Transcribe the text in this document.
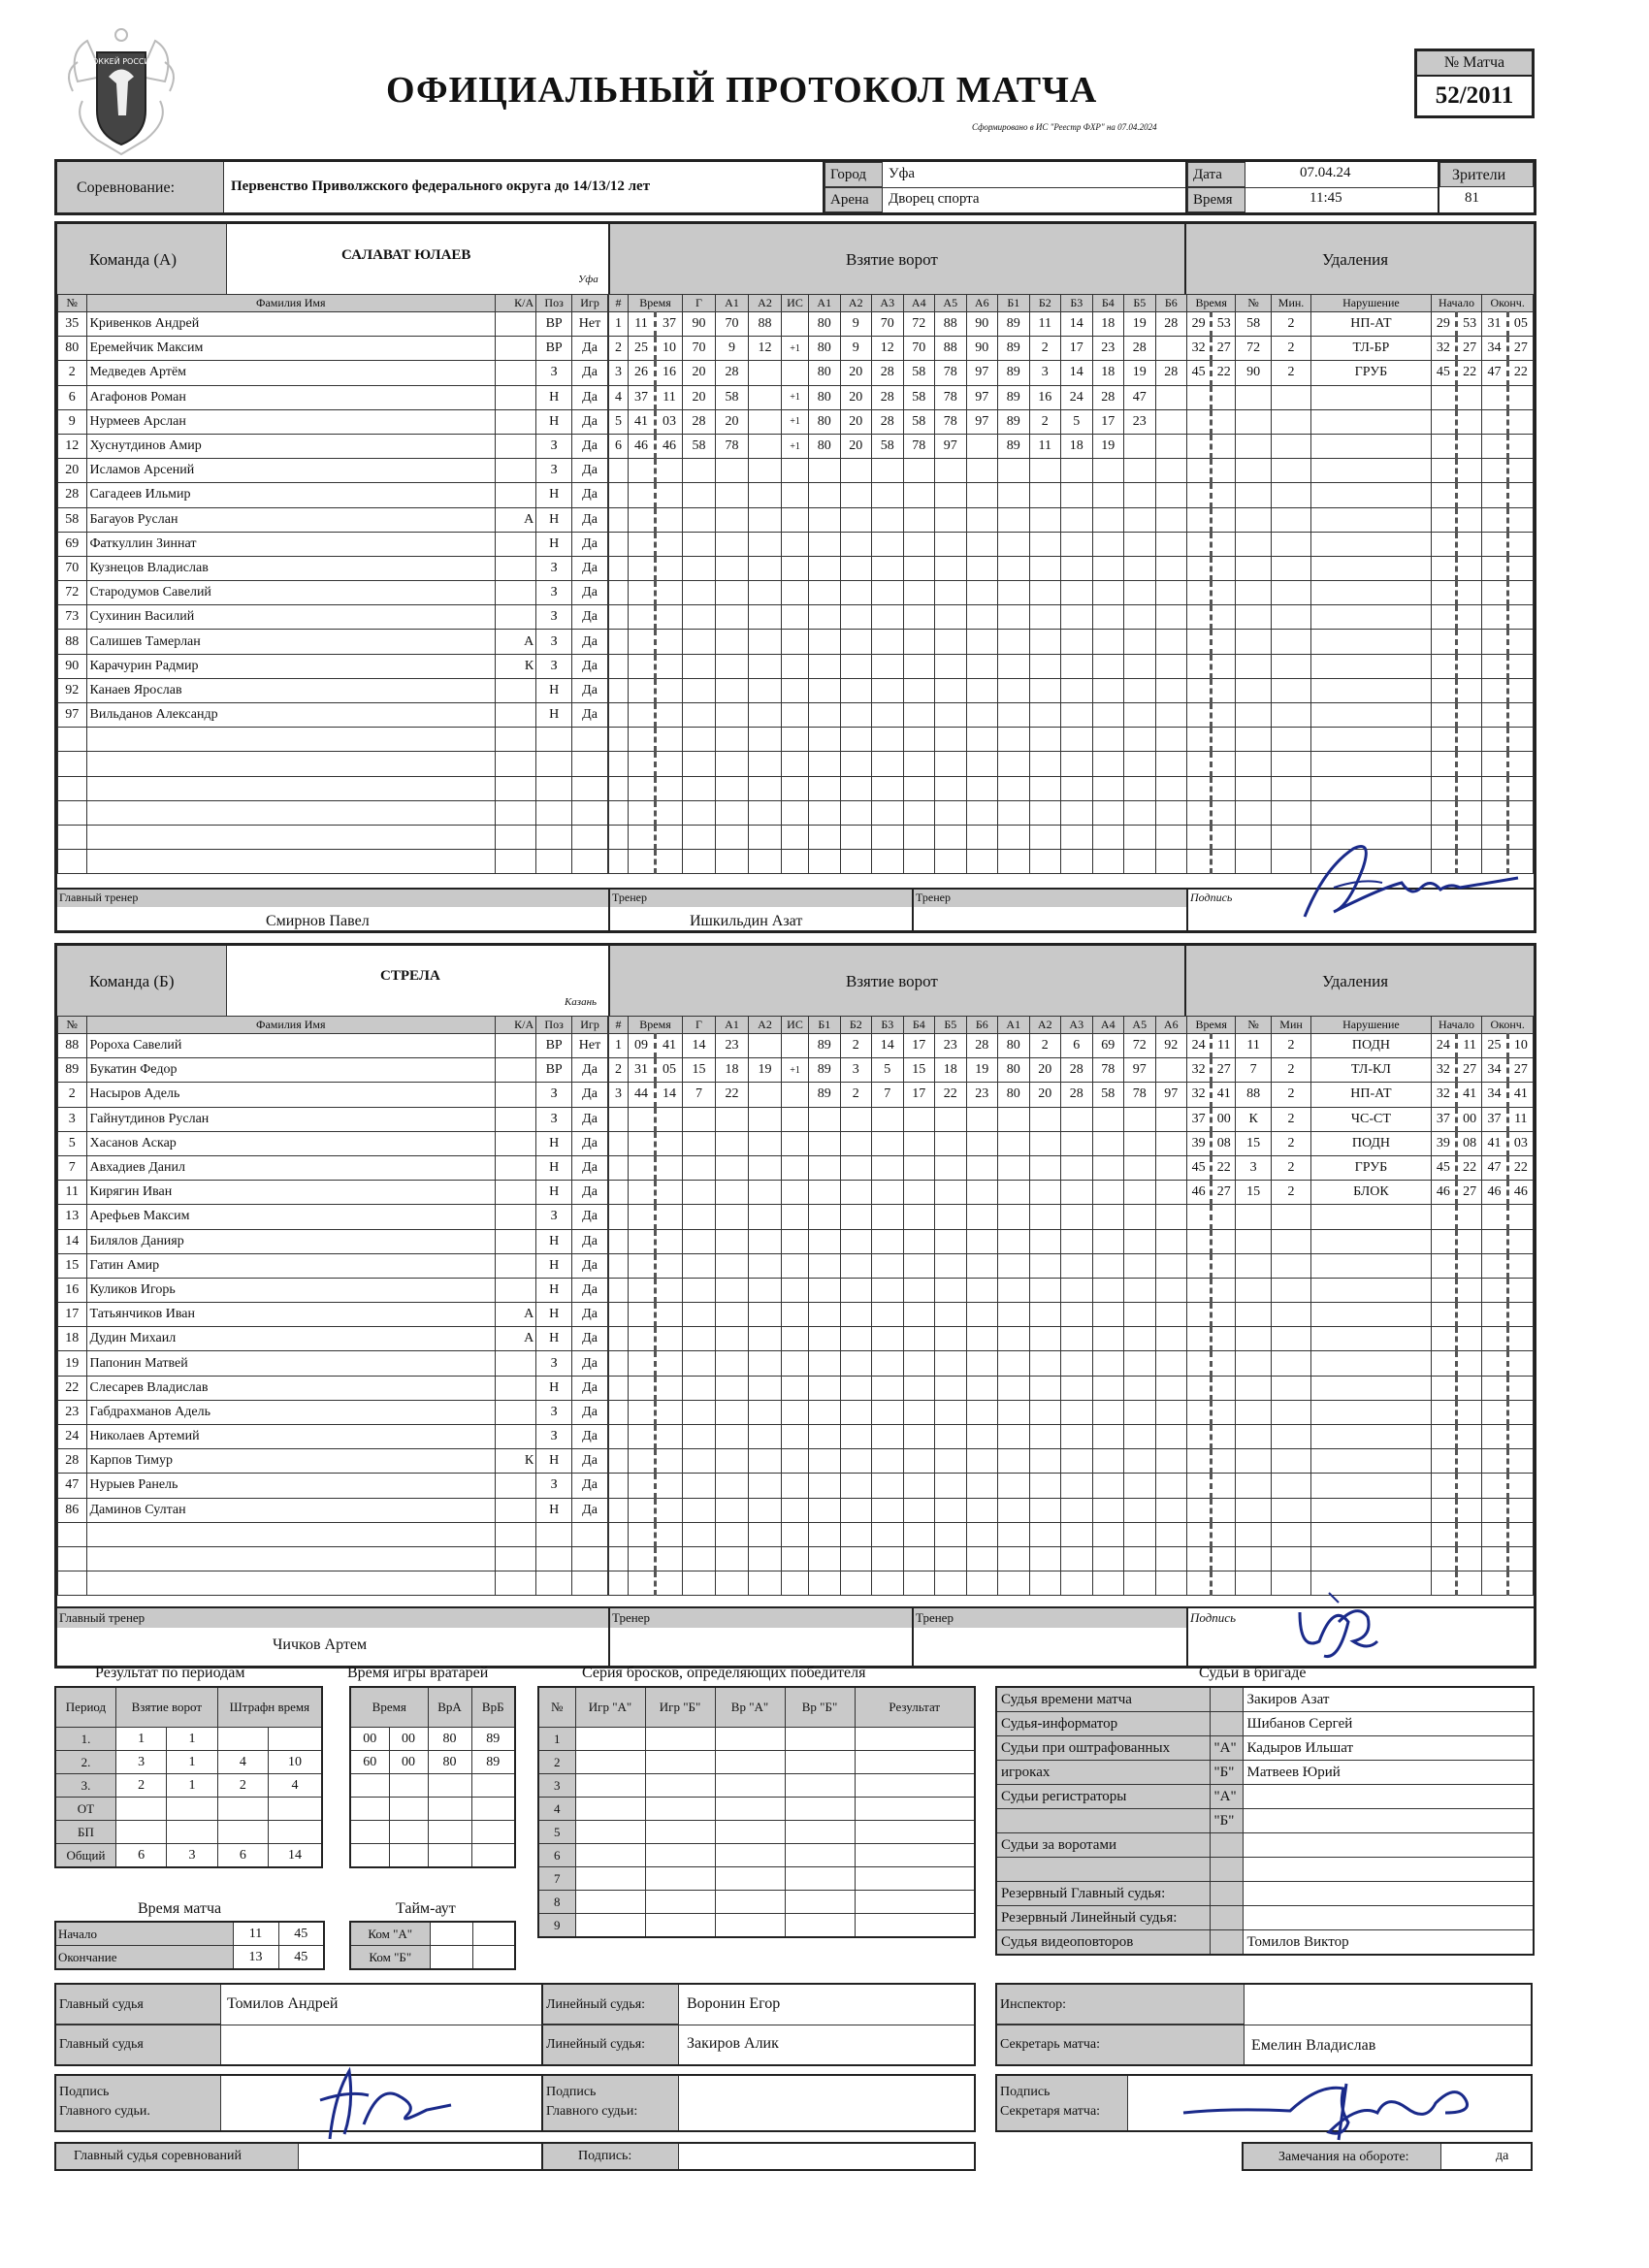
ХОККЕЙ РОССИИ
ОФИЦИАЛЬНЫЙ ПРОТОКОЛ МАТЧА
Сформировано в ИС "Реестр ФХР" на 07.04.2024
№ Матча
52/2011
Соревнование:	Первенство Приволжского федерального округа до 14/13/12 лет
Город Уфа
Арена Дворец спорта
Дата
Время
07.04.24
11:45
Зрители
81
Команда (А)	САЛАВАТ ЮЛАЕВ
Уфа
Взятие ворот	Удаления
№	Фамилия Имя	К/А	Поз	Игр
35	Кривенков Андрей		ВР	Нет
80	Еремейчик Максим		ВР	Да
2	Медведев Артём		З	Да
6	Агафонов Роман		Н	Да
9	Нурмеев Арслан		Н	Да
12	Хуснутдинов Амир		З	Да
20	Исламов Арсений		З	Да
28	Сагадеев Ильмир		Н	Да
58	Багауов Руслан	А	Н	Да
69	Фаткуллин Зиннат		Н	Да
70	Кузнецов Владислав		З	Да
72	Стародумов Савелий		З	Да
73	Сухинин Василий		З	Да
88	Салишев Тамерлан	А	З	Да
90	Карачурин Радмир	К	З	Да
92	Канаев Ярослав		Н	Да
97	Вильданов Александр		Н	Да

#	Время		Г	А1	А2	ИС	А1	А2	А3	А4	А5	А6	Б1	Б2	Б3	Б4	Б5	Б6
1	11	37	90	70	88		80	9	70	72	88	90	89	11	14	18	19	28
2	25	10	70	9	12	+1	80	9	12	70	88	90	89	2	17	23	28	
3	26	16	20	28			80	20	28	58	78	97	89	3	14	18	19	28
4	37	11	20	58		+1	80	20	28	58	78	97	89	16	24	28	47	
5	41	03	28	20		+1	80	20	28	58	78	97	89	2	5	17	23	
6	46	46	58	78		+1	80	20	58	78	97		89	11	18	19		

Время		№	Мин.	Нарушение	Начало		Оконч.	
29	53	58	2	НП-АТ	29	53	31	05
32	27	72	2	ТЛ-БР	32	27	34	27
45	22	90	2	ГРУБ	45	22	47	22

Главный тренер
Смирнов Павел
Тренер
Ишкильдин Азат
Тренер	Подпись
Команда (Б)	СТРЕЛА
Казань
Взятие ворот	Удаления
№	Фамилия Имя	К/А	Поз	Игр
88	Ророха Савелий		ВР	Нет
89	Букатин Федор		ВР	Да
2	Насыров Адель		З	Да
3	Гайнутдинов Руслан		З	Да
5	Хасанов Аскар		Н	Да
7	Авхадиев Данил		Н	Да
11	Кирягин Иван		Н	Да
13	Арефьев Максим		З	Да
14	Билялов Данияр		Н	Да
15	Гатин Амир		Н	Да
16	Куликов Игорь		Н	Да
17	Татьянчиков Иван	А	Н	Да
18	Дудин Михаил	А	Н	Да
19	Папонин Матвей		З	Да
22	Слесарев Владислав		Н	Да
23	Габдрахманов Адель		З	Да
24	Николаев Артемий		З	Да
28	Карпов Тимур	К	Н	Да
47	Нурыев Ранель		З	Да
86	Даминов Султан		Н	Да

#	Время		Г	А1	А2	ИС	Б1	Б2	Б3	Б4	Б5	Б6	А1	А2	А3	А4	А5	А6
1	09	41	14	23			89	2	14	17	23	28	80	2	6	69	72	92
2	31	05	15	18	19	+1	89	3	5	15	18	19	80	20	28	78	97	
3	44	14	7	22			89	2	7	17	22	23	80	20	28	58	78	97

Время		№	Мин	Нарушение	Начало		Оконч.	
24	11	11	2	ПОДН	24	11	25	10
32	27	7	2	ТЛ-КЛ	32	27	34	27
32	41	88	2	НП-АТ	32	41	34	41
37	00	К	2	ЧС-СТ	37	00	37	11
39	08	15	2	ПОДН	39	08	41	03
45	22	3	2	ГРУБ	45	22	47	22
46	27	15	2	БЛОК	46	27	46	46

Главный тренер
Чичков Артем
Тренер	Тренер	Подпись
Результат по периодам
Период	Взятие ворот		Штрафн время	
1.	1	1		
2.	3	1	4	10
3.	2	1	2	4
ОТ				
БП				
Общий	6	3	6	14
Время игры вратарей
Время		ВрА	ВрБ
00	00	80	89
60	00	80	89

Время матча
Начало	11	45
Окончание	13	45
Тайм-аут
Ком "А"		
Ком "Б"		
Серия бросков, определяющих победителя
№	Игр "А"	Игр "Б"	Вр "А"	Вр "Б"	Результат
1					
2					
3					
4					
5					
6					
7					
8					
9					
Судьи в бригаде
Судья времени матча		Закиров Азат
Судья-информатор		Шибанов Сергей
Судьи при оштрафованных	"А"	Кадыров Ильшат
игроках	"Б"	Матвеев Юрий
Судьи регистраторы	"А"	
	"Б"	
Судьи за воротами		

Резервный Главный судья:		
Резервный Линейный судья:		
Судья видеоповторов		Томилов Виктор
Главный судья
Главный судья
Томилов Андрей	Линейный судья:
Линейный судья:
Воронин Егор
Закиров Алик
Инспектор:
Секретарь матча:	Емелин Владислав
Подпись
Главного судьи.
Подпись
Главного судьи:
Подпись
Секретаря матча:
Главный судья соревнований	Подпись:	Замечания на обороте:	да
